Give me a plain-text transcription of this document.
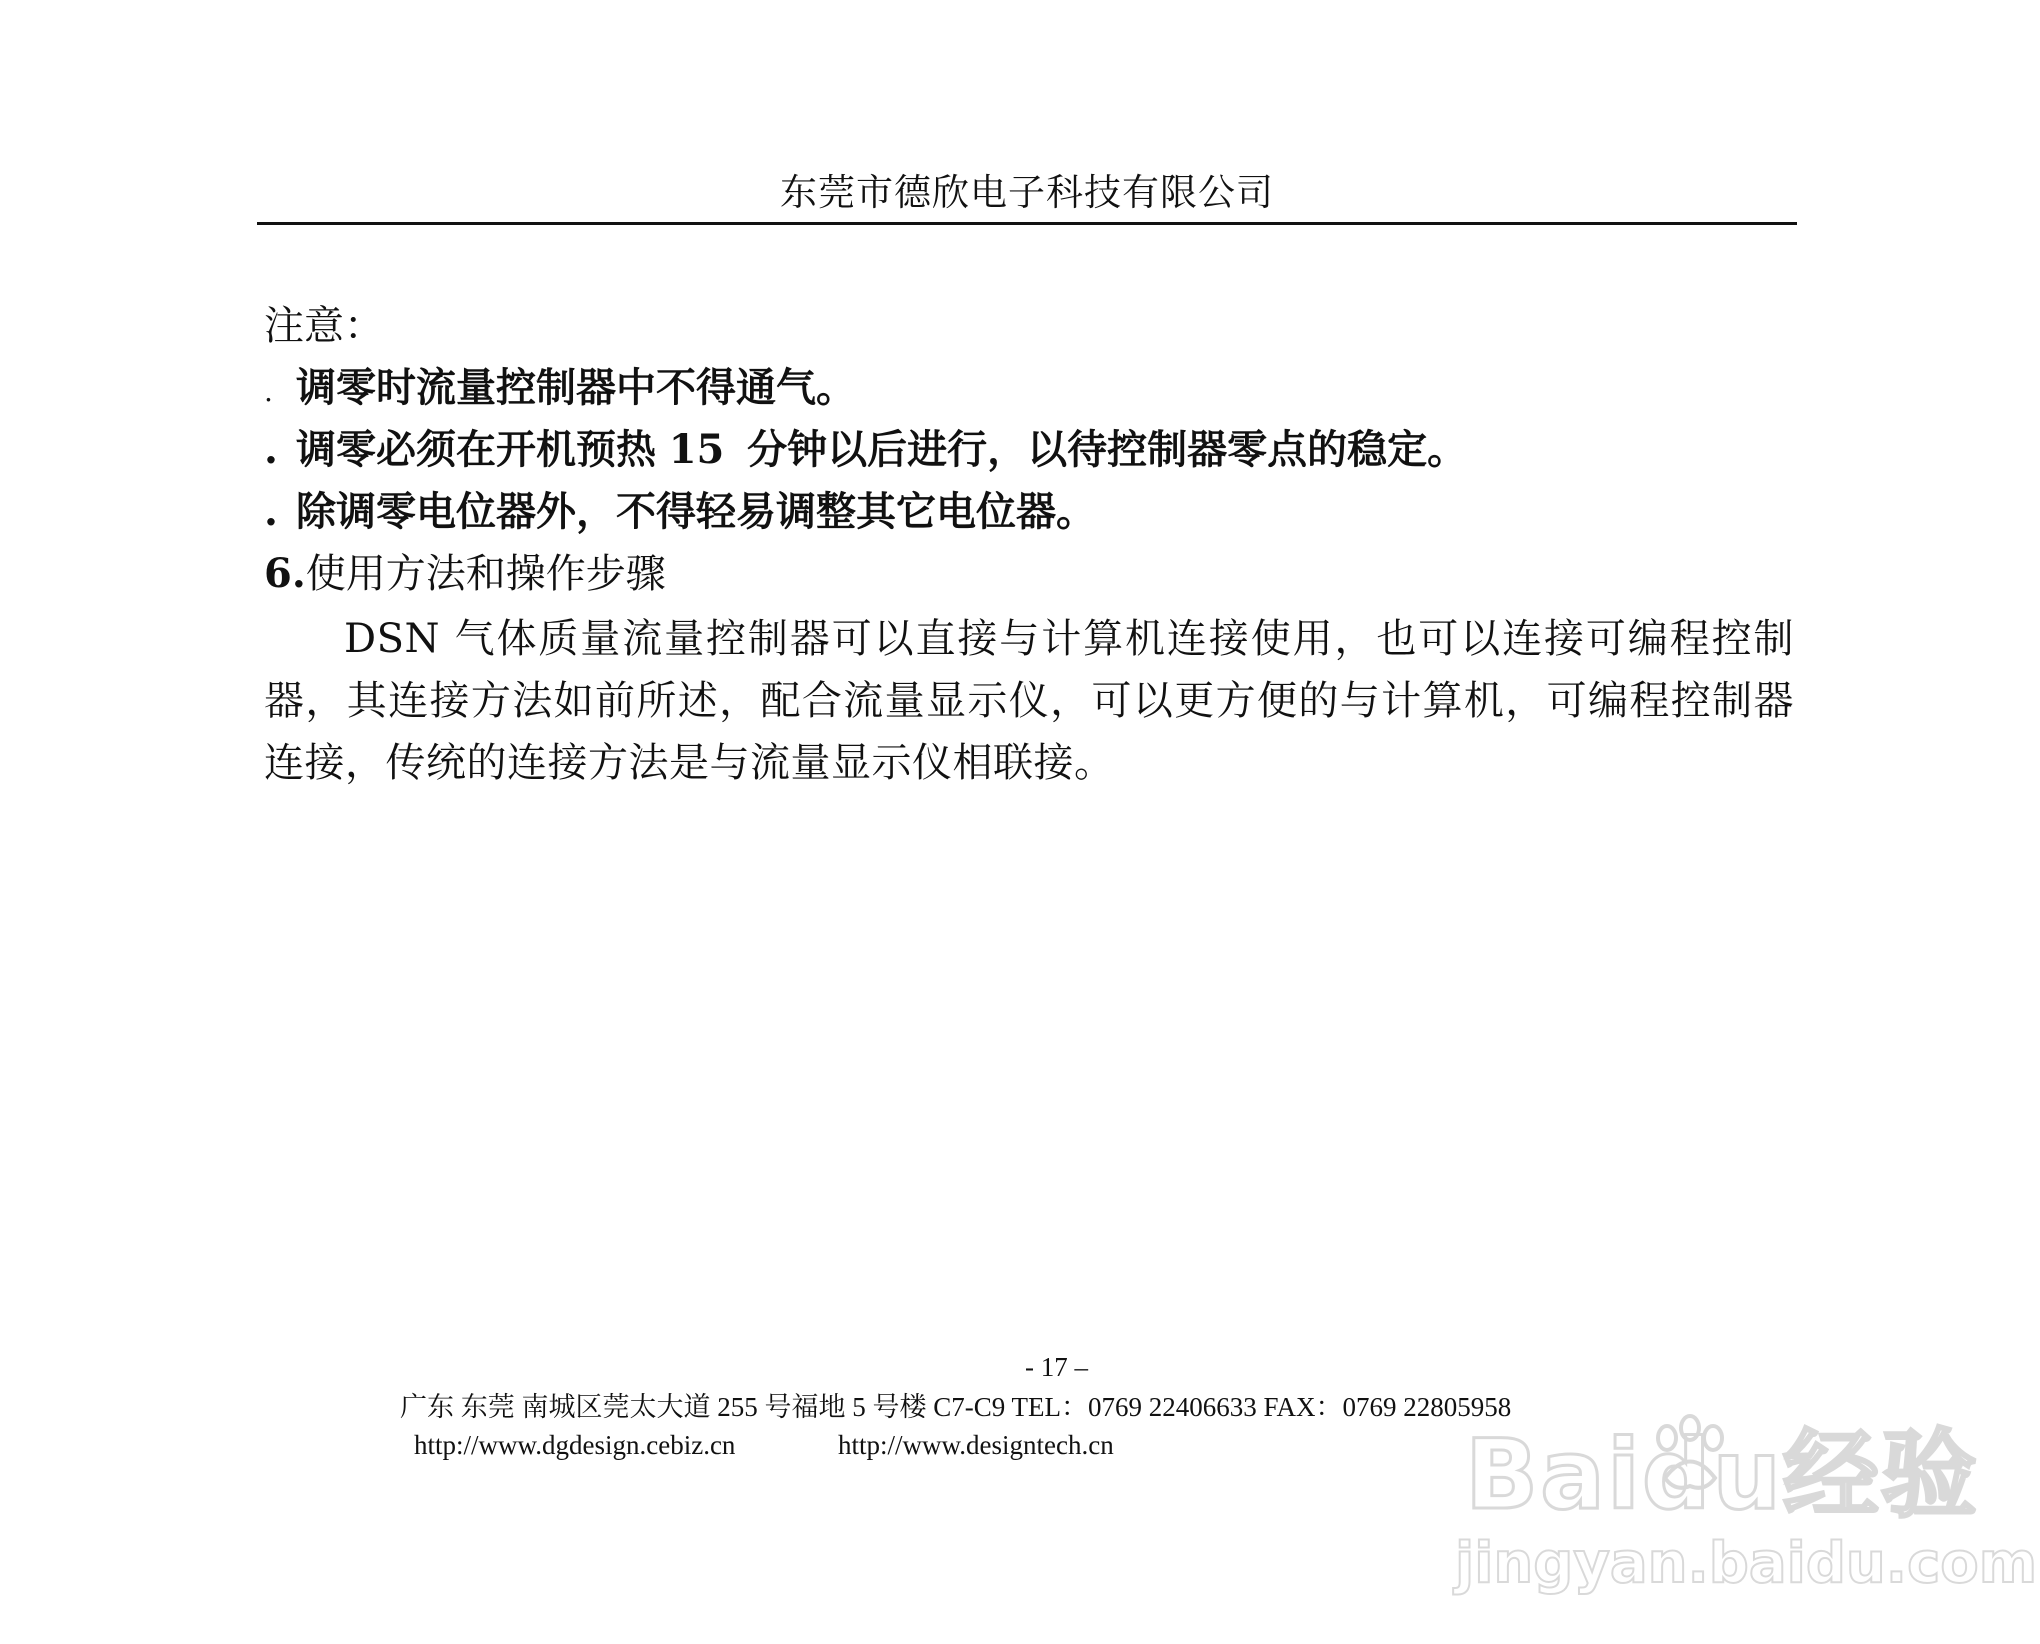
东莞市德欣电子科技有限公司
注意：
. 调零时流量控制器中不得通气。
. 调零必须在开机预热 15 分钟以后进行，以待控制器零点的稳定。
. 除调零电位器外，不得轻易调整其它电位器。
6.使用方法和操作步骤
DSN 气体质量流量控制器可以直接与计算机连接使用，也可以连接可编程控制器，其连接方法如前所述，配合流量显示仪，可以更方便的与计算机，可编程控制器连接，传统的连接方法是与流量显示仪相联接。
- 17 –
广东 东莞 南城区莞太大道 255 号福地 5 号楼 C7-C9 TEL：0769 22406633 FAX：0769 22805958
http://www.dgdesign.cebiz.cn	http://www.designtech.cn	Baidu经验
jingyan.baidu.com
